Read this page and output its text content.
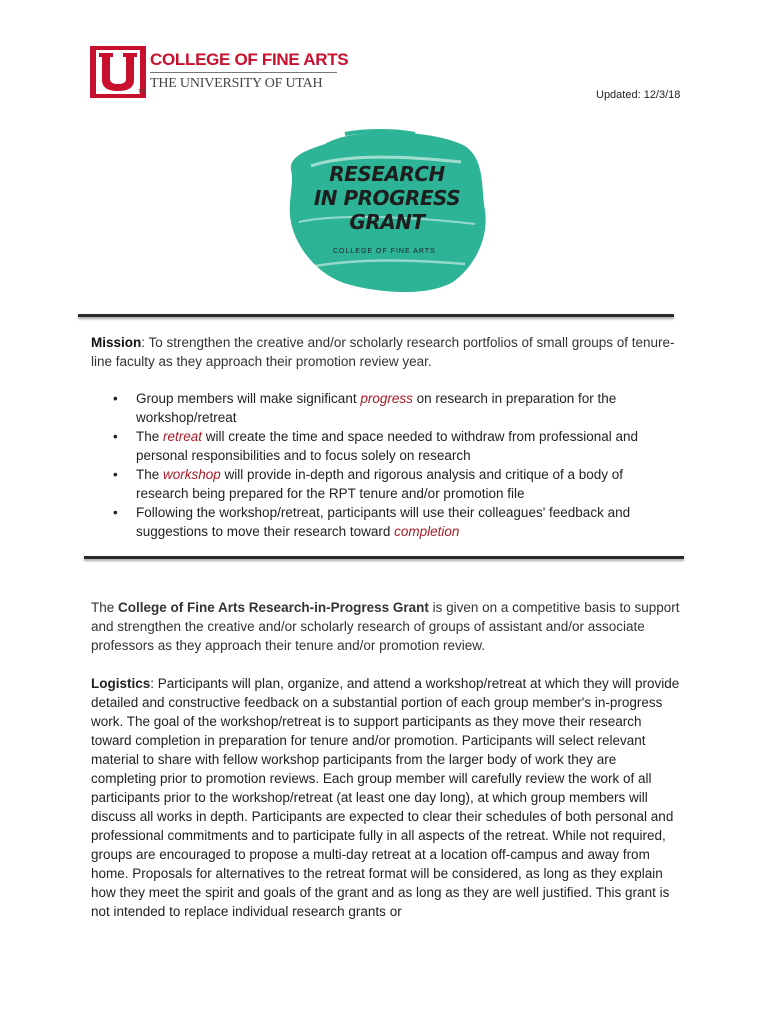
TM
COLLEGE OF FINE ARTS
THE UNIVERSITY OF UTAH
Updated: 12/3/18
RESEARCH
IN PROGRESS
GRANT
COLLEGE OF FINE ARTS
Mission: To strengthen the creative and/or scholarly research portfolios of small groups of tenure-line faculty as they approach their promotion review year.
• Group members will make significant progress on research in preparation for the workshop/retreat
• The retreat will create the time and space needed to withdraw from professional and personal responsibilities and to focus solely on research
• The workshop will provide in-depth and rigorous analysis and critique of a body of research being prepared for the RPT tenure and/or promotion file
• Following the workshop/retreat, participants will use their colleagues' feedback and suggestions to move their research toward completion
The College of Fine Arts Research-in-Progress Grant is given on a competitive basis to support and strengthen the creative and/or scholarly research of groups of assistant and/or associate professors as they approach their tenure and/or promotion review.
Logistics: Participants will plan, organize, and attend a workshop/retreat at which they will provide detailed and constructive feedback on a substantial portion of each group member's in-progress work. The goal of the workshop/retreat is to support participants as they move their research toward completion in preparation for tenure and/or promotion. Participants will select relevant material to share with fellow workshop participants from the larger body of work they are completing prior to promotion reviews. Each group member will carefully review the work of all participants prior to the workshop/retreat (at least one day long), at which group members will discuss all works in depth. Participants are expected to clear their schedules of both personal and professional commitments and to participate fully in all aspects of the retreat. While not required, groups are encouraged to propose a multi-day retreat at a location off-campus and away from home. Proposals for alternatives to the retreat format will be considered, as long as they explain how they meet the spirit and goals of the grant and as long as they are well justified. This grant is not intended to replace individual research grants or
